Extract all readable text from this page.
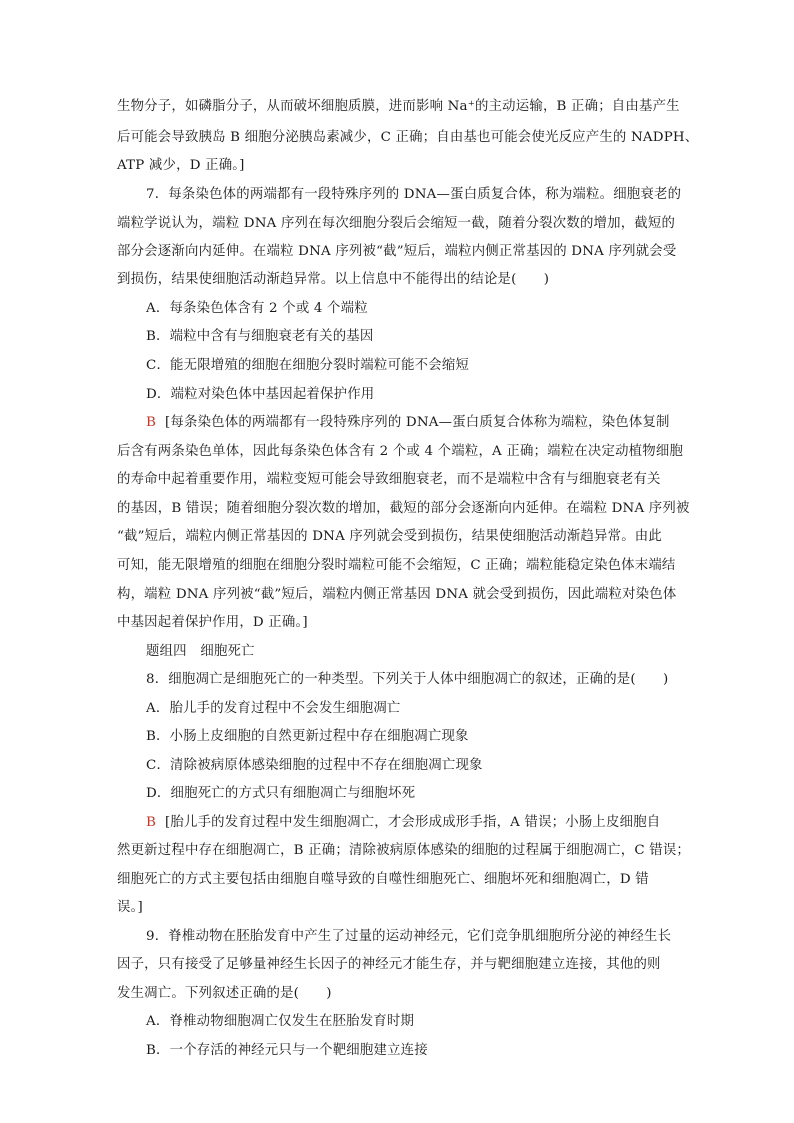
生物分子，如磷脂分子，从而破坏细胞质膜，进而影响 Na⁺的主动运输，B 正确；自由基产生
后可能会导致胰岛 B 细胞分泌胰岛素减少，C 正确；自由基也可能会使光反应产生的 NADPH、
ATP 减少，D 正确。]
7．每条染色体的两端都有一段特殊序列的 DNA—蛋白质复合体，称为端粒。细胞衰老的
端粒学说认为，端粒 DNA 序列在每次细胞分裂后会缩短一截，随着分裂次数的增加，截短的
部分会逐渐向内延伸。在端粒 DNA 序列被“截”短后，端粒内侧正常基因的 DNA 序列就会受
到损伤，结果使细胞活动渐趋异常。以上信息中不能得出的结论是(　　)
A．每条染色体含有 2 个或 4 个端粒
B．端粒中含有与细胞衰老有关的基因
C．能无限增殖的细胞在细胞分裂时端粒可能不会缩短
D．端粒对染色体中基因起着保护作用
B [每条染色体的两端都有一段特殊序列的 DNA—蛋白质复合体称为端粒，染色体复制
后含有两条染色单体，因此每条染色体含有 2 个或 4 个端粒，A 正确；端粒在决定动植物细胞
的寿命中起着重要作用，端粒变短可能会导致细胞衰老，而不是端粒中含有与细胞衰老有关
的基因，B 错误；随着细胞分裂次数的增加，截短的部分会逐渐向内延伸。在端粒 DNA 序列被
“截”短后，端粒内侧正常基因的 DNA 序列就会受到损伤，结果使细胞活动渐趋异常。由此
可知，能无限增殖的细胞在细胞分裂时端粒可能不会缩短，C 正确；端粒能稳定染色体末端结
构，端粒 DNA 序列被“截”短后，端粒内侧正常基因 DNA 就会受到损伤，因此端粒对染色体
中基因起着保护作用，D 正确。]
题组四　细胞死亡
8．细胞凋亡是细胞死亡的一种类型。下列关于人体中细胞凋亡的叙述，正确的是(　　)
A．胎儿手的发育过程中不会发生细胞凋亡
B．小肠上皮细胞的自然更新过程中存在细胞凋亡现象
C．清除被病原体感染细胞的过程中不存在细胞凋亡现象
D．细胞死亡的方式只有细胞凋亡与细胞坏死
B [胎儿手的发育过程中发生细胞凋亡，才会形成成形手指，A 错误；小肠上皮细胞自
然更新过程中存在细胞凋亡，B 正确；清除被病原体感染的细胞的过程属于细胞凋亡，C 错误；
细胞死亡的方式主要包括由细胞自噬导致的自噬性细胞死亡、细胞坏死和细胞凋亡，D 错
误。]
9．脊椎动物在胚胎发育中产生了过量的运动神经元，它们竞争肌细胞所分泌的神经生长
因子，只有接受了足够量神经生长因子的神经元才能生存，并与靶细胞建立连接，其他的则
发生凋亡。下列叙述正确的是(　　)
A．脊椎动物细胞凋亡仅发生在胚胎发育时期
B．一个存活的神经元只与一个靶细胞建立连接
